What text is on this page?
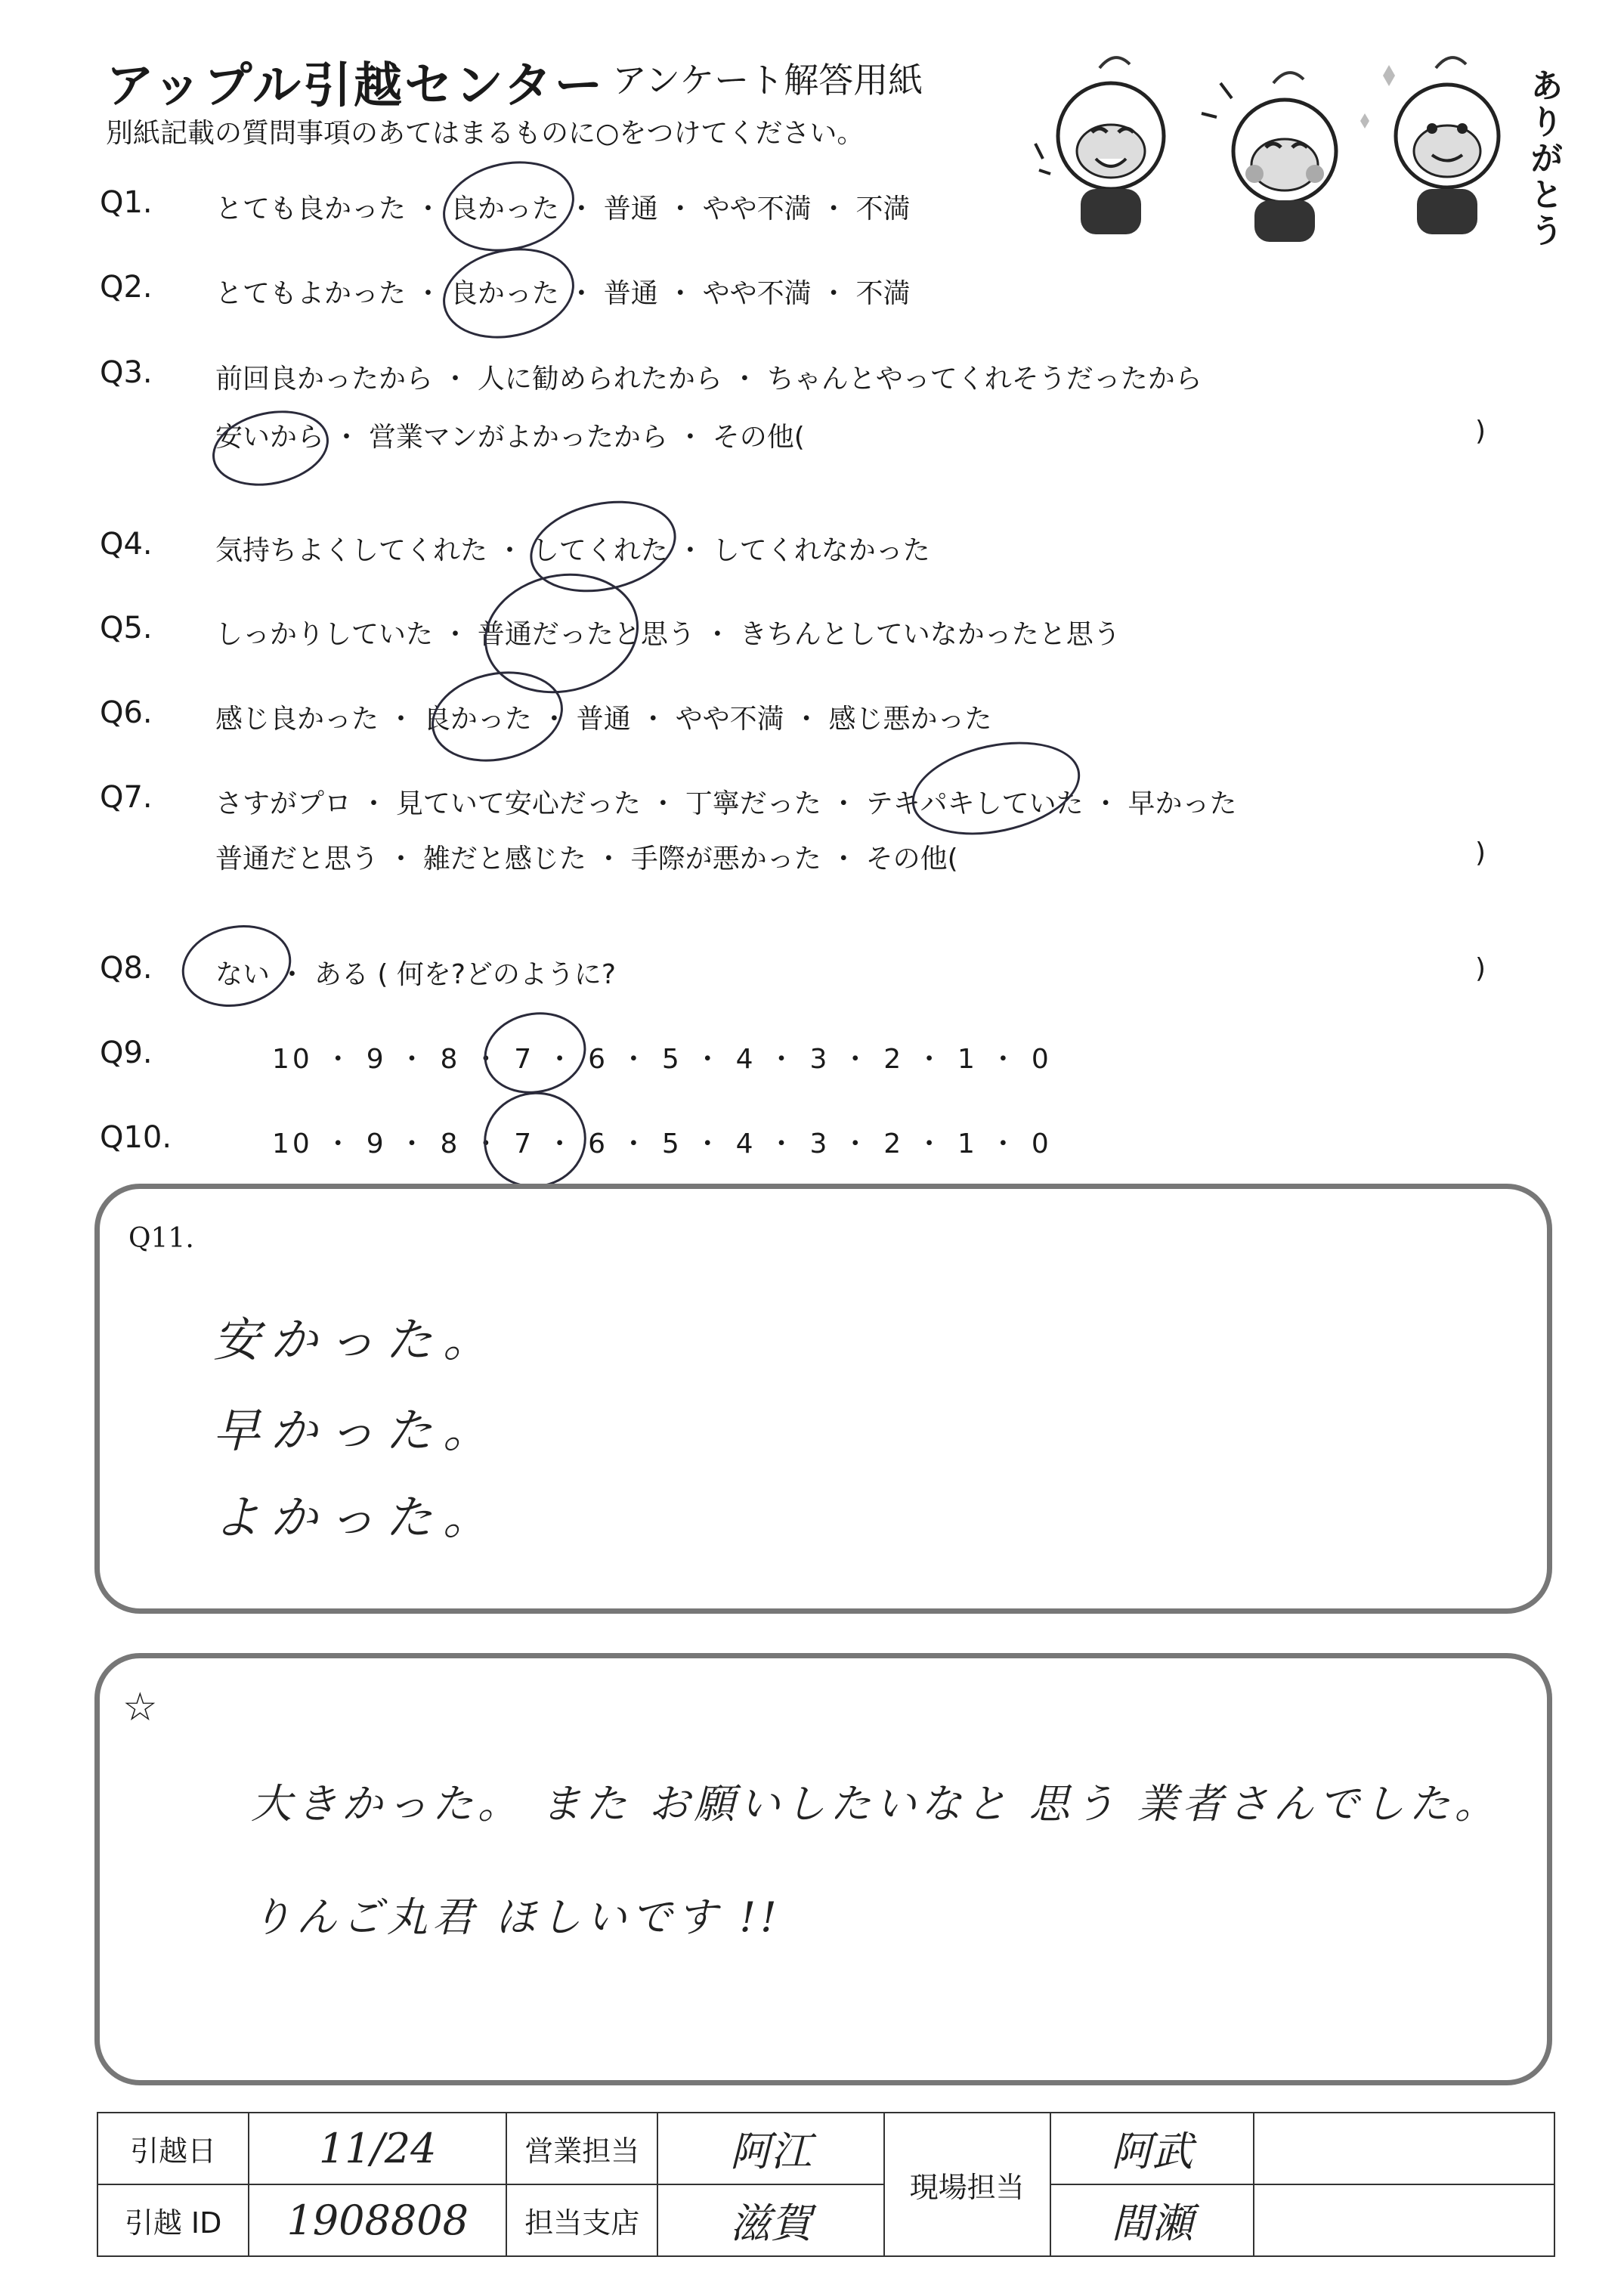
アップル引越センター アンケート解答用紙
別紙記載の質問事項のあてはまるものに○をつけてください。	ありがとう
Q1. とても良かった ・ 良かった ・ 普通 ・ やや不満 ・ 不満
Q2. とてもよかった ・ 良かった ・ 普通 ・ やや不満 ・ 不満
Q3. 前回良かったから ・ 人に勧められたから ・ ちゃんとやってくれそうだったから
安いから ・ 営業マンがよかったから ・ その他(	)
Q4. 気持ちよくしてくれた ・ してくれた ・ してくれなかった
Q5. しっかりしていた ・ 普通だったと思う ・ きちんとしていなかったと思う
Q6. 感じ良かった ・ 良かった ・ 普通 ・ やや不満 ・ 感じ悪かった
Q7. さすがプロ ・ 見ていて安心だった ・ 丁寧だった ・ テキパキしていた ・ 早かった
普通だと思う ・ 雑だと感じた ・ 手際が悪かった ・ その他(	)
Q8. ない ・ ある ( 何を?どのように?	)
Q9.	10 ・ 9 ・ 8 ・ 7 ・ 6 ・ 5 ・ 4 ・ 3 ・ 2 ・ 1 ・ 0
Q10.	10 ・ 9 ・ 8 ・ 7 ・ 6 ・ 5 ・ 4 ・ 3 ・ 2 ・ 1 ・ 0
Q11.
安かった。
早かった。
よかった。
☆
大きかった。 また お願いしたいなと 思う 業者さんでした。
りんご丸君 ほしいです !!
引越日	11/24	営業担当	阿江	現場担当	阿武	
引越 ID	1908808	担当支店	滋賀		間瀬	
